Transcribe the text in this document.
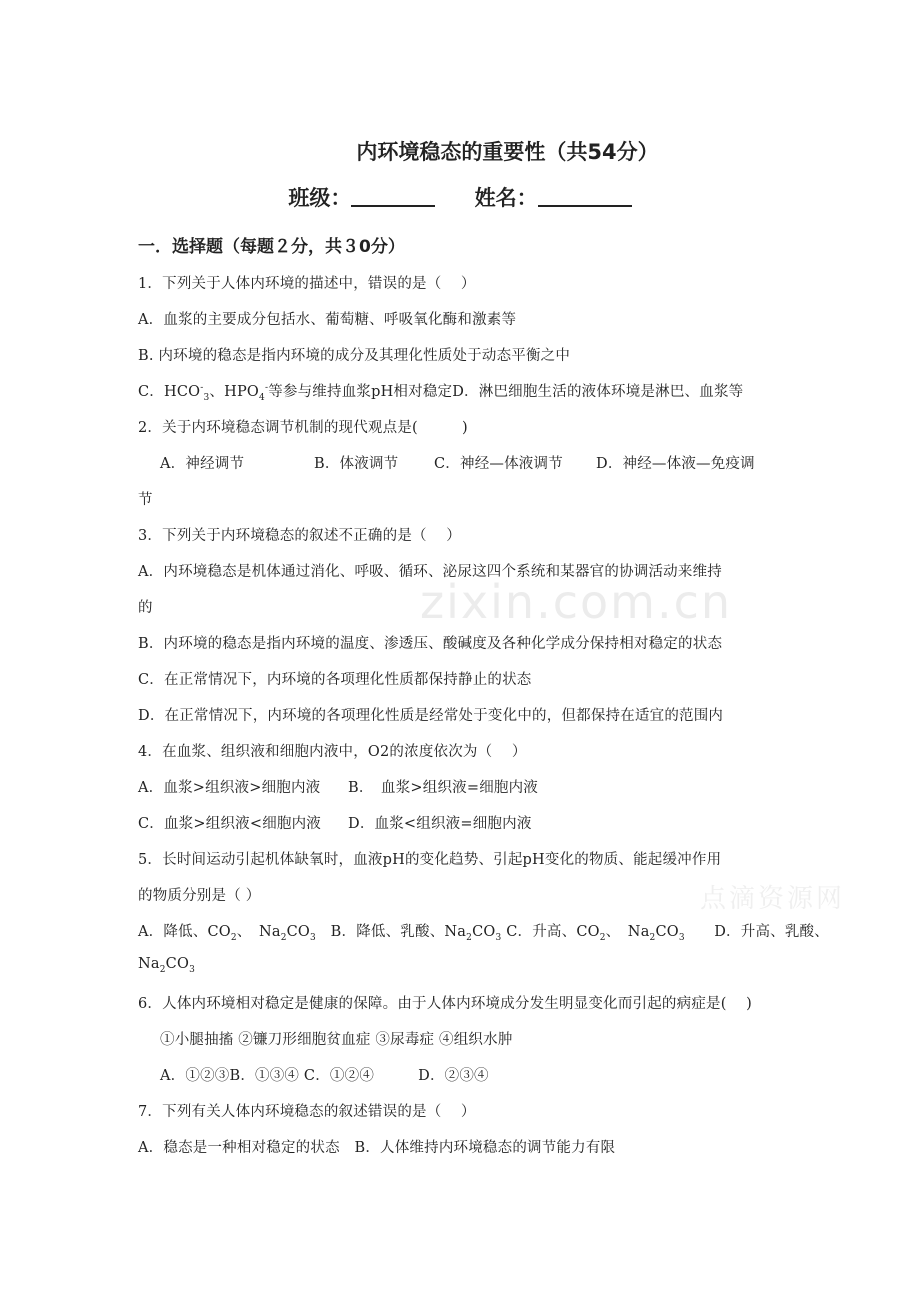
zixin.com.cn
点滴资源网
内环境稳态的重要性（共54分）
班级：	姓名：
一．选择题（每题２分，共３0分）
1．下列关于人体内环境的描述中，错误的是（　 ）
A．血浆的主要成分包括水、葡萄糖、呼吸氧化酶和激素等
B. 内环境的稳态是指内环境的成分及其理化性质处于动态平衡之中
C．$HCO^-_3$、$HPO_4^-$等参与维持血浆pH相对稳定D．淋巴细胞生活的液体环境是淋巴、血浆等
2．关于内环境稳态调节机制的现代观点是(　　　)
A．神经调节	B．体液调节 C．神经—体液调节 D．神经—体液—免疫调
节
3．下列关于内环境稳态的叙述不正确的是（　 ）
A．内环境稳态是机体通过消化、呼吸、循环、泌尿这四个系统和某器官的协调活动来维持
的
B．内环境的稳态是指内环境的温度、渗透压、酸碱度及各种化学成分保持相对稳定的状态
C．在正常情况下，内环境的各项理化性质都保持静止的状态
D．在正常情况下，内环境的各项理化性质是经常处于变化中的，但都保持在适宜的范围内
4．在血浆、组织液和细胞内液中，O2的浓度依次为（　 ）
A．血浆>组织液>细胞内液 B．　血浆>组织液=细胞内液
C．血浆>组织液<细胞内液 D．血浆<组织液=细胞内液
5．长时间运动引起机体缺氧时，血液pH的变化趋势、引起pH变化的物质、能起缓冲作用
的物质分别是（ ）
A．降低、$CO_2$、　$Na_2CO_3$　 B．降低、乳酸、$Na_2CO_3$ C．升高、$CO_2$、　$Na_2CO_3$　　 D．升高、乳酸、
$Na_2CO_3$
6．人体内环境相对稳定是健康的保障。由于人体内环境成分发生明显变化而引起的病症是(　 )
①小腿抽搐 ②镰刀形细胞贫血症 ③尿毒症 ④组织水肿
A．①②③B．①③④ C．①②④　　　D．②③④
7．下列有关人体内环境稳态的叙述错误的是（　 ）
A．稳态是一种相对稳定的状态　B．人体维持内环境稳态的调节能力有限
